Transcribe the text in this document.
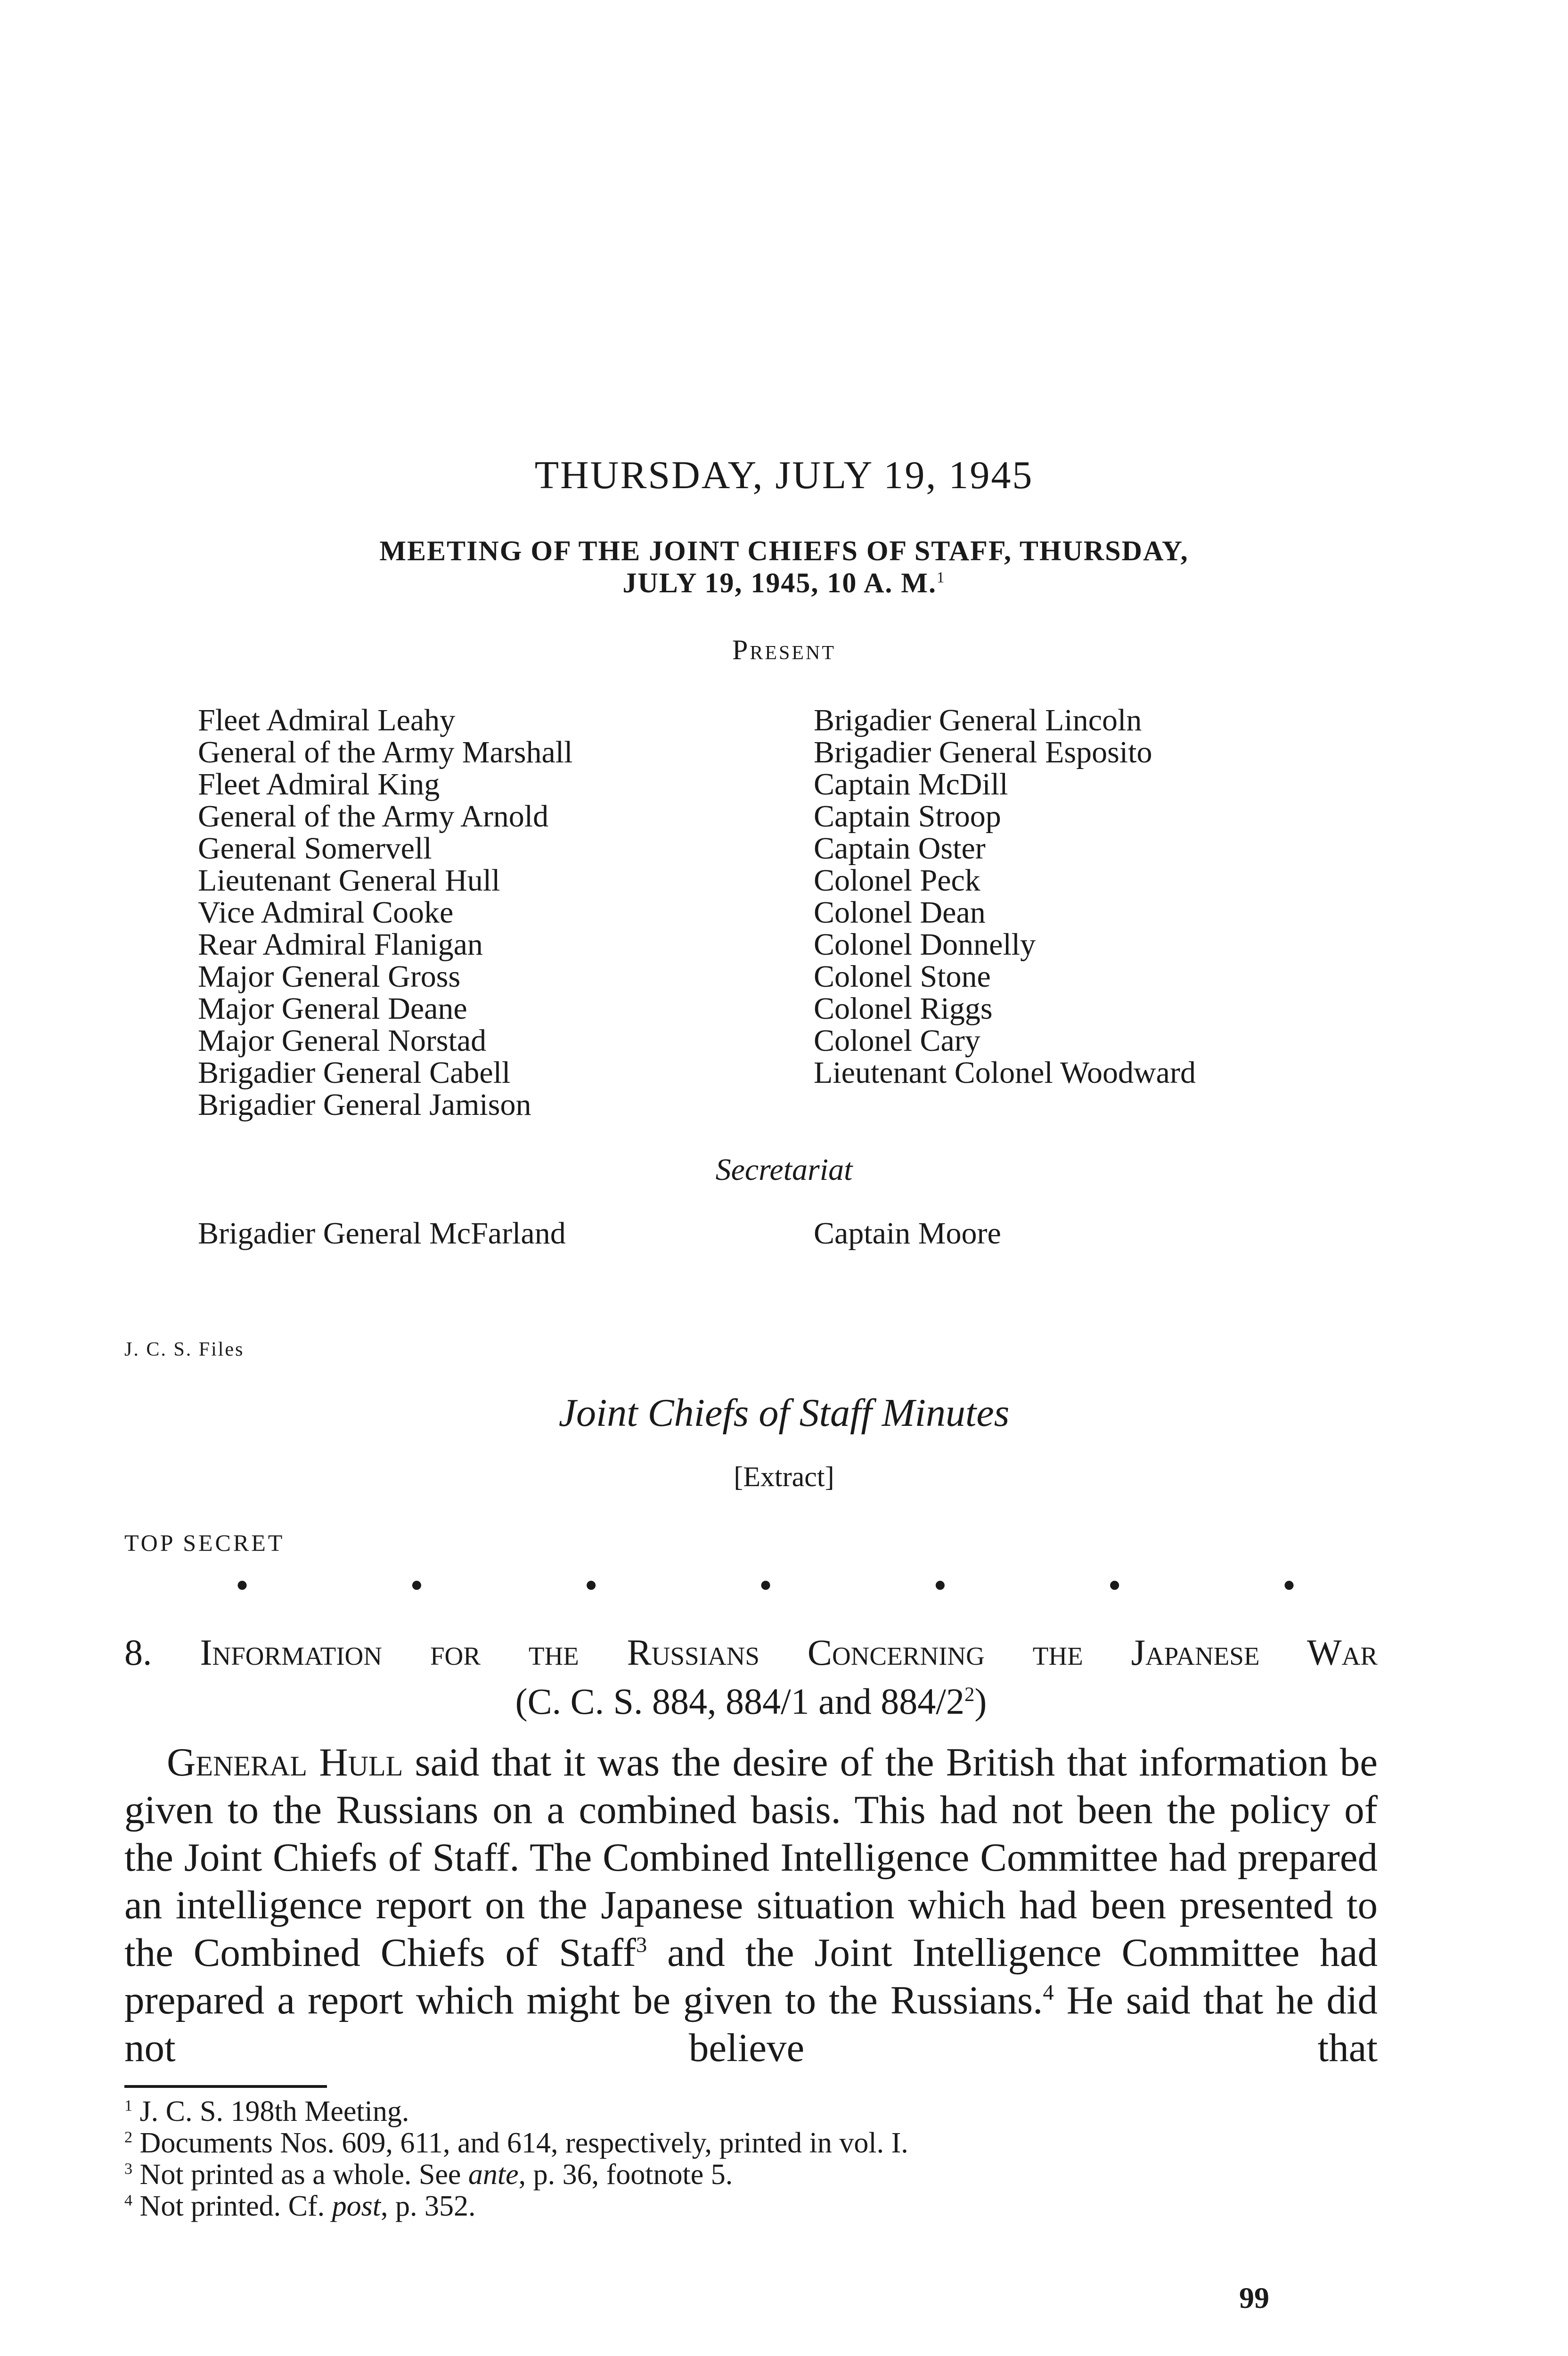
THURSDAY, JULY 19, 1945
MEETING OF THE JOINT CHIEFS OF STAFF, THURSDAY,
JULY 19, 1945, 10 A. M.$^1$
Present
Fleet Admiral Leahy
General of the Army Marshall
Fleet Admiral King
General of the Army Arnold
General Somervell
Lieutenant General Hull
Vice Admiral Cooke
Rear Admiral Flanigan
Major General Gross
Major General Deane
Major General Norstad
Brigadier General Cabell
Brigadier General Jamison
Brigadier General Lincoln
Brigadier General Esposito
Captain McDill
Captain Stroop
Captain Oster
Colonel Peck
Colonel Dean
Colonel Donnelly
Colonel Stone
Colonel Riggs
Colonel Cary
Lieutenant Colonel Woodward
Secretariat
Brigadier General McFarland	Captain Moore
J. C. S. Files
Joint Chiefs of Staff Minutes
[Extract]
TOP SECRET
•	•	•	•	•	•	•
8. Information for the Russians Concerning the Japanese War
(C. C. S. 884, 884/1 and $884/2^2$)

General Hull said that it was the desire of the British that information be given to the Russians on a combined basis. This had not been the policy of the Joint Chiefs of Staff. The Combined Intelligence Committee had prepared an intelligence report on the Japanese situation which had been presented to the Combined Chiefs of Staff$^3$ and the Joint Intelligence Committee had prepared a report which might be given to the Russians.$^4$ He said that he did not believe that

$^1$ J. C. S. 198th Meeting.
$^2$ Documents Nos. 609, 611, and 614, respectively, printed in vol. I.
$^3$ Not printed as a whole. See ante, p. 36, footnote 5.
$^4$ Not printed. Cf. post, p. 352.
99
